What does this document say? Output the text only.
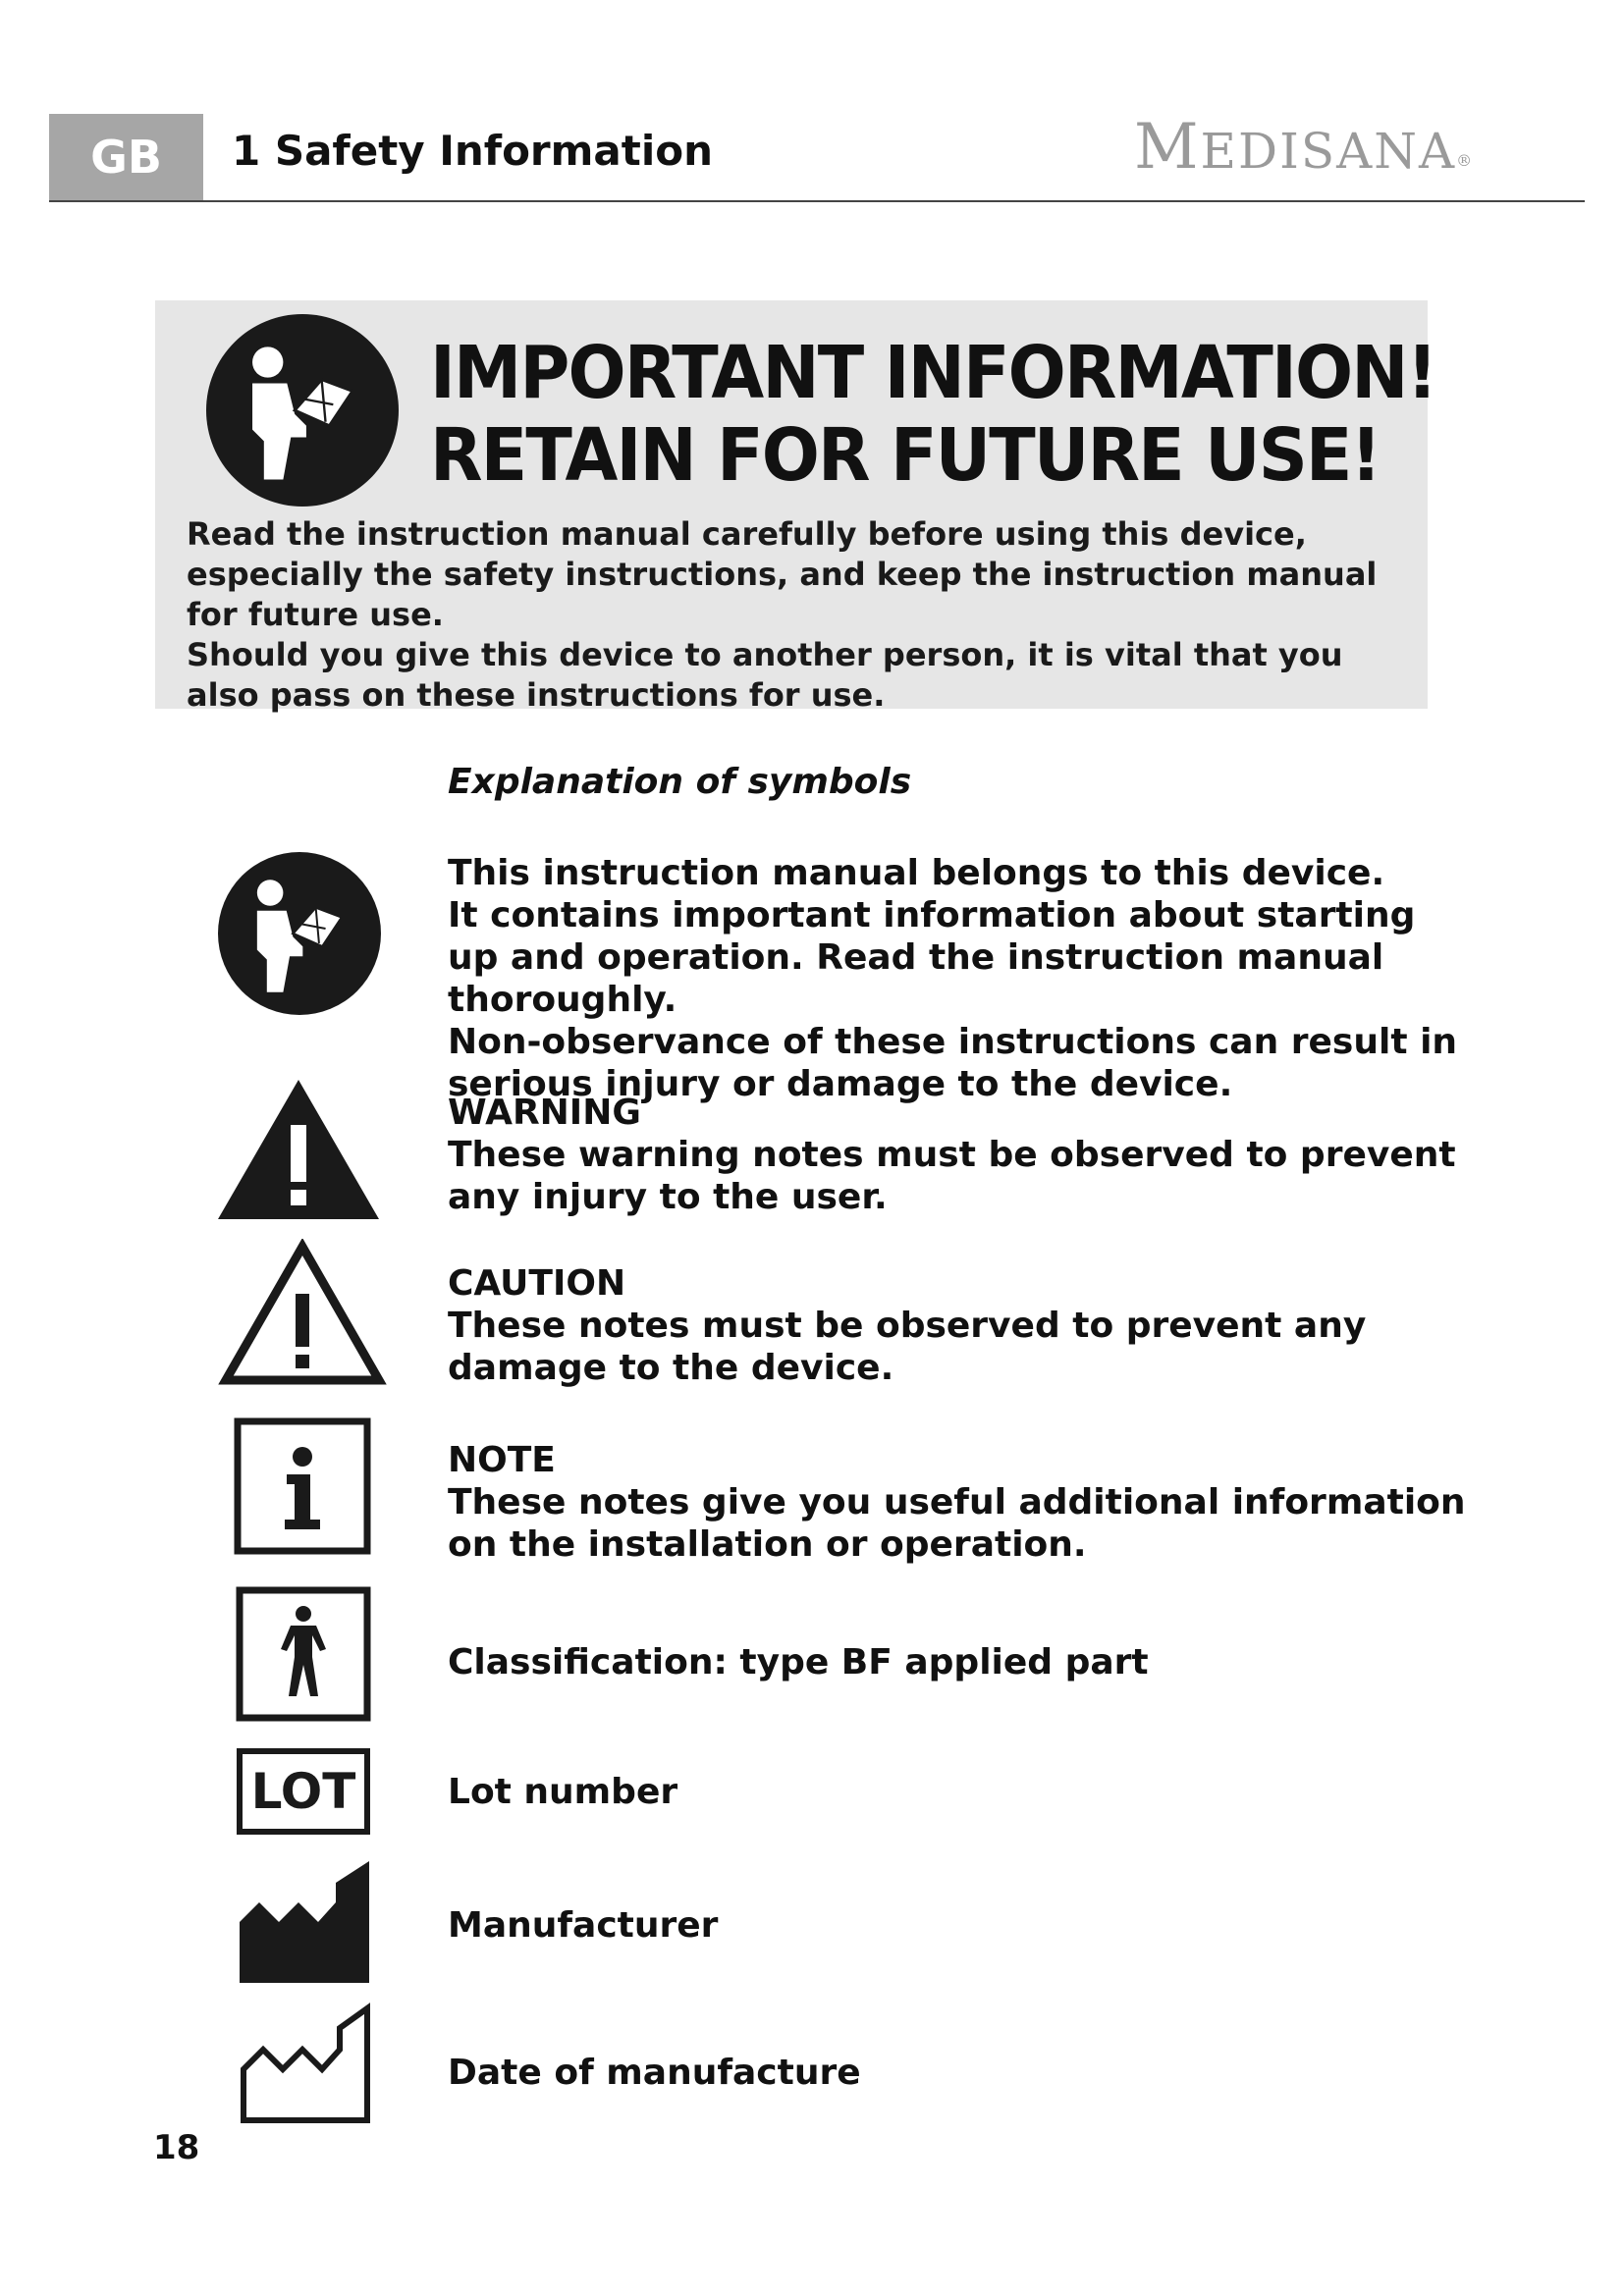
GB	1 Safety Information	MEDISANA®
IMPORTANT INFORMATION!
RETAIN FOR FUTURE USE!

Read the instruction manual carefully before using this device, especially the safety instructions, and keep the instruction manual for future use.

Should you give this device to another person, it is vital that you also pass on these instructions for use.

Explanation of symbols

This instruction manual belongs to this device.

It contains important information about starting up and operation. Read the instruction manual thoroughly.

Non-observance of these instructions can result in serious injury or damage to the device.

WARNING

These warning notes must be observed to prevent any injury to the user.

CAUTION

These notes must be observed to prevent any damage to the device.

NOTE

These notes give you useful additional information on the installation or operation.

Classification: type BF applied part

LOT	Lot number

Manufacturer

Date of manufacture

18
